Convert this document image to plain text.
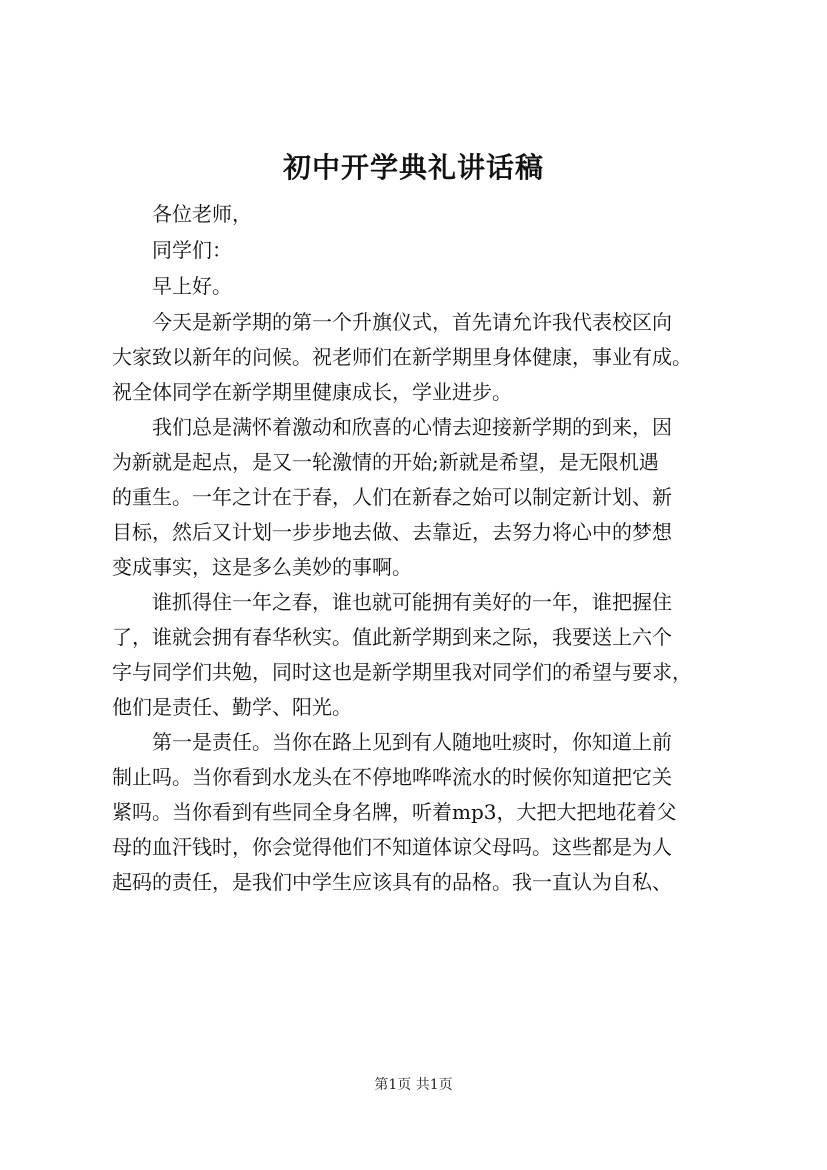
初中开学典礼讲话稿

各位老师，

同学们：

早上好。

今天是新学期的第一个升旗仪式，首先请允许我代表校区向
大家致以新年的问候。祝老师们在新学期里身体健康，事业有成。
祝全体同学在新学期里健康成长，学业进步。

我们总是满怀着激动和欣喜的心情去迎接新学期的到来，因
为新就是起点，是又一轮激情的开始;新就是希望，是无限机遇
的重生。一年之计在于春，人们在新春之始可以制定新计划、新
目标，然后又计划一步步地去做、去靠近，去努力将心中的梦想
变成事实，这是多么美妙的事啊。

谁抓得住一年之春，谁也就可能拥有美好的一年，谁把握住
了，谁就会拥有春华秋实。值此新学期到来之际，我要送上六个
字与同学们共勉，同时这也是新学期里我对同学们的希望与要求，
他们是责任、勤学、阳光。

第一是责任。当你在路上见到有人随地吐痰时，你知道上前
制止吗。当你看到水龙头在不停地哗哗流水的时候你知道把它关
紧吗。当你看到有些同全身名牌，听着mp3，大把大把地花着父
母的血汗钱时，你会觉得他们不知道体谅父母吗。这些都是为人
起码的责任，是我们中学生应该具有的品格。我一直认为自私、

第1页 共1页
